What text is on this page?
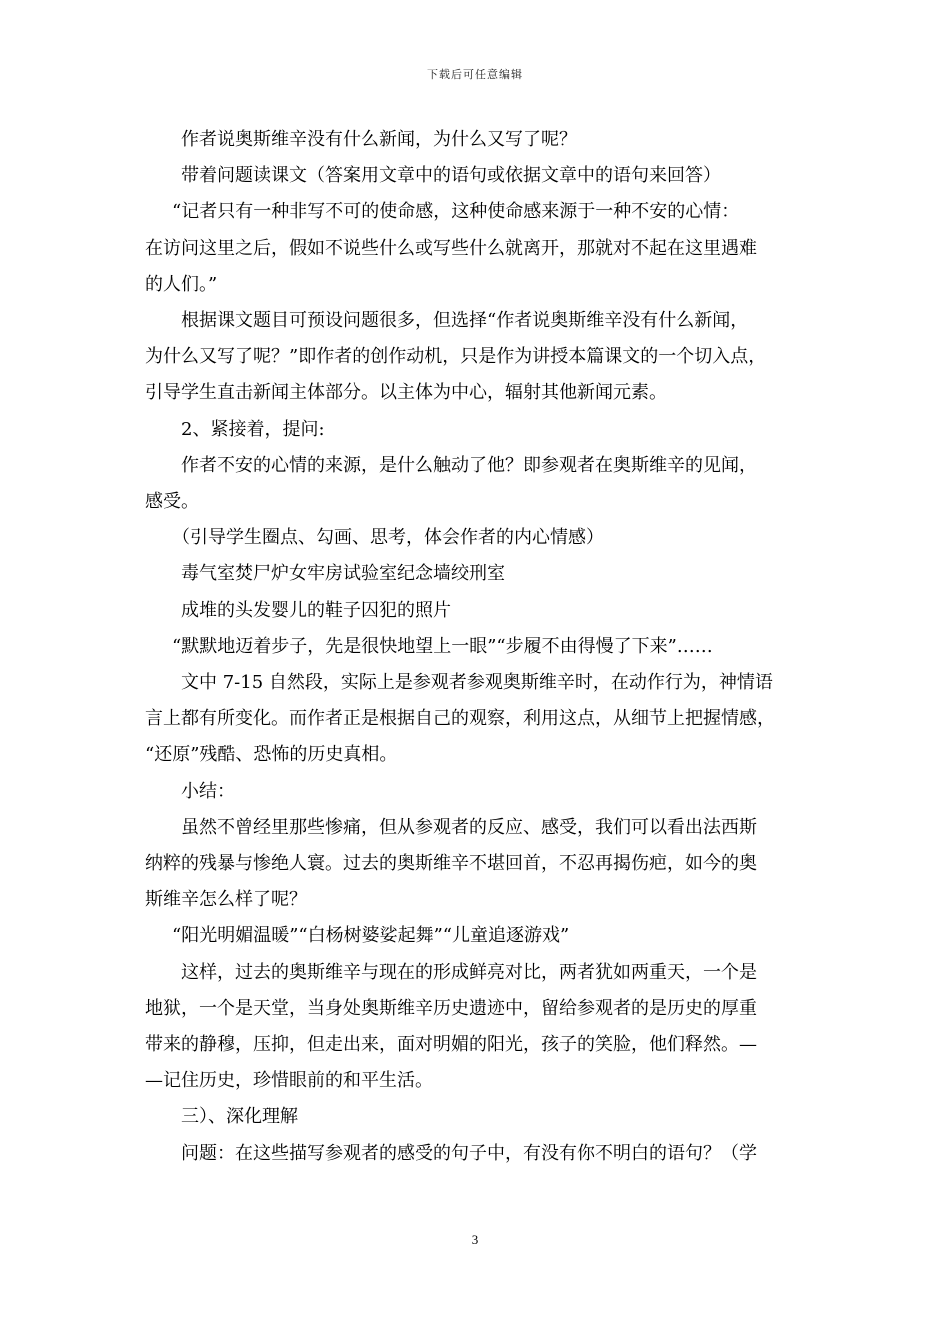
下载后可任意编辑

作者说奥斯维辛没有什么新闻，为什么又写了呢？

带着问题读课文（答案用文章中的语句或依据文章中的语句来回答）

“记者只有一种非写不可的使命感，这种使命感来源于一种不安的心情：
在访问这里之后，假如不说些什么或写些什么就离开，那就对不起在这里遇难
的人们。”

根据课文题目可预设问题很多，但选择“作者说奥斯维辛没有什么新闻，
为什么又写了呢？”即作者的创作动机，只是作为讲授本篇课文的一个切入点，
引导学生直击新闻主体部分。以主体为中心，辐射其他新闻元素。

2、紧接着，提问:

作者不安的心情的来源，是什么触动了他？即参观者在奥斯维辛的见闻，
感受。

（引导学生圈点、勾画、思考，体会作者的内心情感）

毒气室焚尸炉女牢房试验室纪念墙绞刑室

成堆的头发婴儿的鞋子囚犯的照片

“默默地迈着步子，先是很快地望上一眼”“步履不由得慢了下来”……

文中 7-15 自然段，实际上是参观者参观奥斯维辛时，在动作行为，神情语
言上都有所变化。而作者正是根据自己的观察，利用这点，从细节上把握情感，
“还原”残酷、恐怖的历史真相。

小结：

虽然不曾经里那些惨痛，但从参观者的反应、感受，我们可以看出法西斯
纳粹的残暴与惨绝人寰。过去的奥斯维辛不堪回首，不忍再揭伤疤，如今的奥
斯维辛怎么样了呢？

“阳光明媚温暖”“白杨树婆娑起舞”“儿童追逐游戏”

这样，过去的奥斯维辛与现在的形成鲜亮对比，两者犹如两重天，一个是
地狱，一个是天堂，当身处奥斯维辛历史遗迹中，留给参观者的是历史的厚重
带来的静穆，压抑，但走出来，面对明媚的阳光，孩子的笑脸，他们释然。—
—记住历史，珍惜眼前的和平生活。

三）、深化理解

问题：在这些描写参观者的感受的句子中，有没有你不明白的语句？（学

3
